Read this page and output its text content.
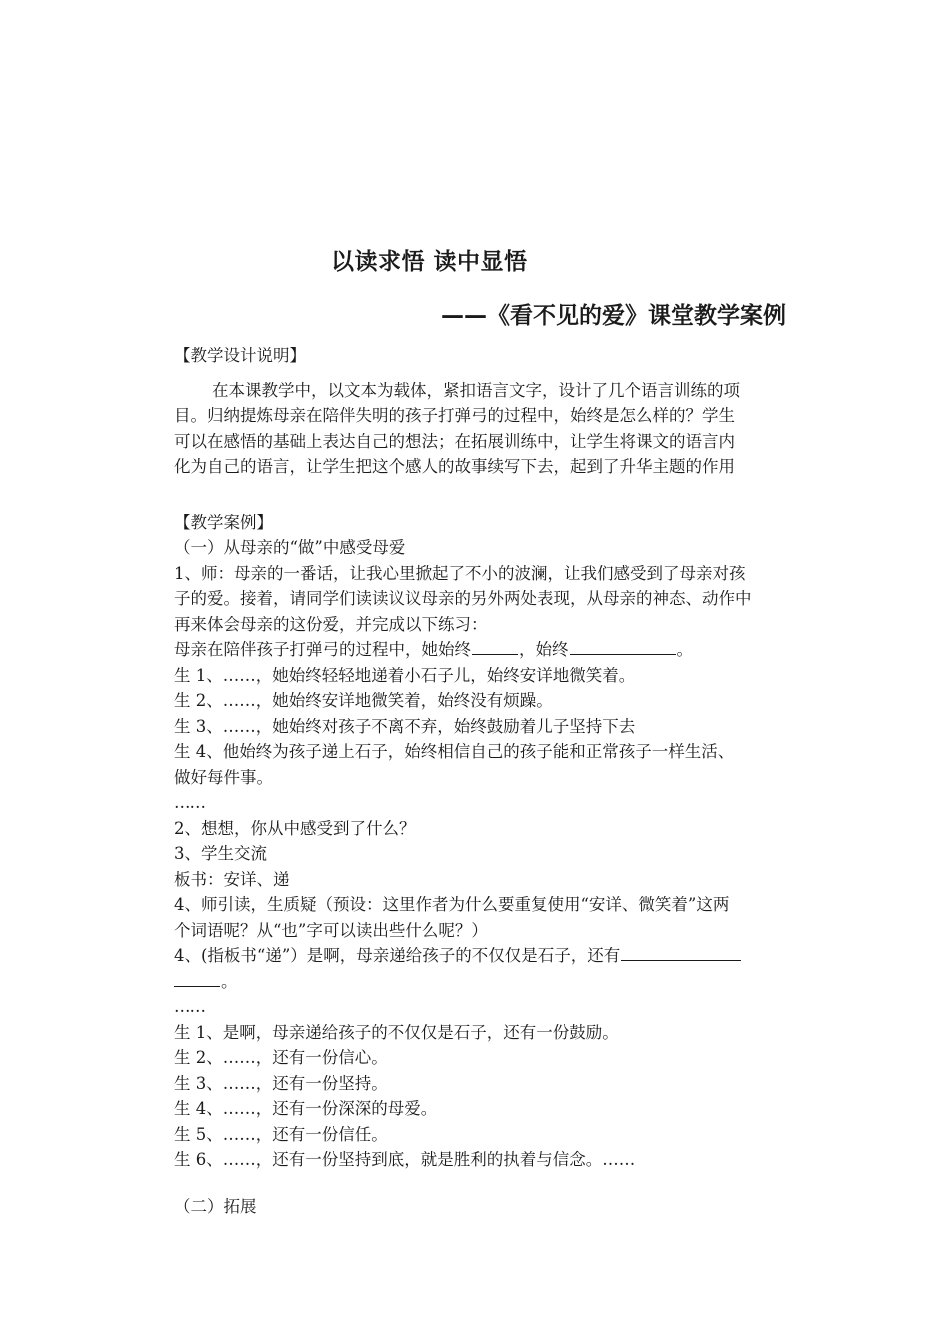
以读求悟 读中显悟
——《看不见的爱》课堂教学案例
【教学设计说明】
在本课教学中，以文本为载体，紧扣语言文字，设计了几个语言训练的项
目。归纳提炼母亲在陪伴失明的孩子打弹弓的过程中，始终是怎么样的？学生
可以在感悟的基础上表达自己的想法；在拓展训练中，让学生将课文的语言内
化为自己的语言，让学生把这个感人的故事续写下去，起到了升华主题的作用
【教学案例】
（一）从母亲的“做”中感受母爱
1、师：母亲的一番话，让我心里掀起了不小的波澜，让我们感受到了母亲对孩
子的爱。接着，请同学们读读议议母亲的另外两处表现，从母亲的神态、动作中
再来体会母亲的这份爱，并完成以下练习：
母亲在陪伴孩子打弹弓的过程中，她始终	，始终	。
生 1、……，她始终轻轻地递着小石子儿，始终安详地微笑着。
生 2、……，她始终安详地微笑着，始终没有烦躁。
生 3、……，她始终对孩子不离不弃，始终鼓励着儿子坚持下去
生 4、他始终为孩子递上石子，始终相信自己的孩子能和正常孩子一样生活、
做好每件事。
……
2、想想，你从中感受到了什么？
3、学生交流
板书：安详、递
4、师引读，生质疑（预设：这里作者为什么要重复使用“安详、微笑着”这两
个词语呢？从“也”字可以读出些什么呢？）
4、(指板书“递”）是啊，母亲递给孩子的不仅仅是石子，还有
。
……
生 1、是啊，母亲递给孩子的不仅仅是石子，还有一份鼓励。
生 2、……，还有一份信心。
生 3、……，还有一份坚持。
生 4、……，还有一份深深的母爱。
生 5、……，还有一份信任。
生 6、……，还有一份坚持到底，就是胜利的执着与信念。……
（二）拓展
